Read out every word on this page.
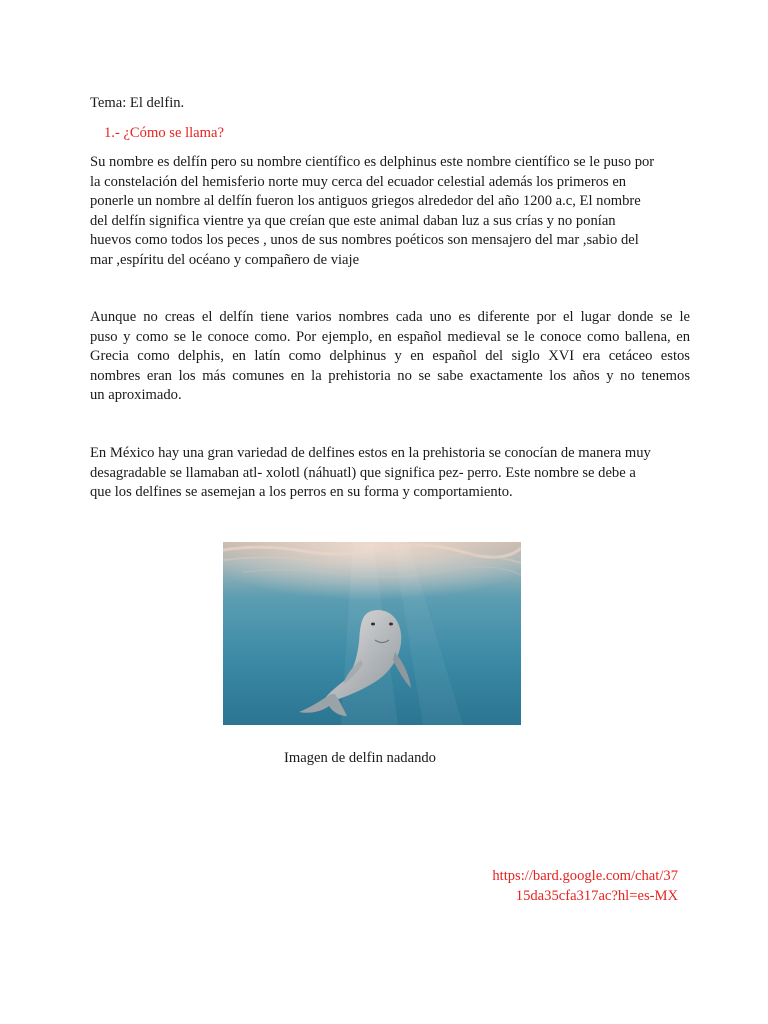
Tema: El delfin.

1.- ¿Cómo se llama?
Su nombre es delfín pero su nombre científico es delphinus este nombre científico se le puso por
la constelación del hemisferio norte muy cerca del ecuador celestial además los primeros en
ponerle un nombre al delfín fueron los antiguos griegos alrededor del año 1200 a.c, El nombre
del delfín significa vientre ya que creían que este animal daban luz a sus crías y no ponían
huevos como todos los peces , unos de sus nombres poéticos son mensajero del mar ,sabio del
mar ,espíritu del océano y compañero de viaje
Aunque no creas el delfín tiene varios nombres cada uno es diferente por el lugar donde se le
puso y como se le conoce como. Por ejemplo, en español medieval se le conoce como ballena, en
Grecia como delphis, en latín como delphinus y en español del siglo XVI era cetáceo estos
nombres eran los más comunes en la prehistoria no se sabe exactamente los años y no tenemos
un aproximado.
En México hay una gran variedad de delfines estos en la prehistoria se conocían de manera muy
desagradable se llamaban atl- xolotl (náhuatl) que significa pez- perro. Este nombre se debe a
que los delfines se asemejan a los perros en su forma y comportamiento.

Imagen de delfin nadando

https://bard.google.com/chat/37
15da35cfa317ac?hl=es-MX
